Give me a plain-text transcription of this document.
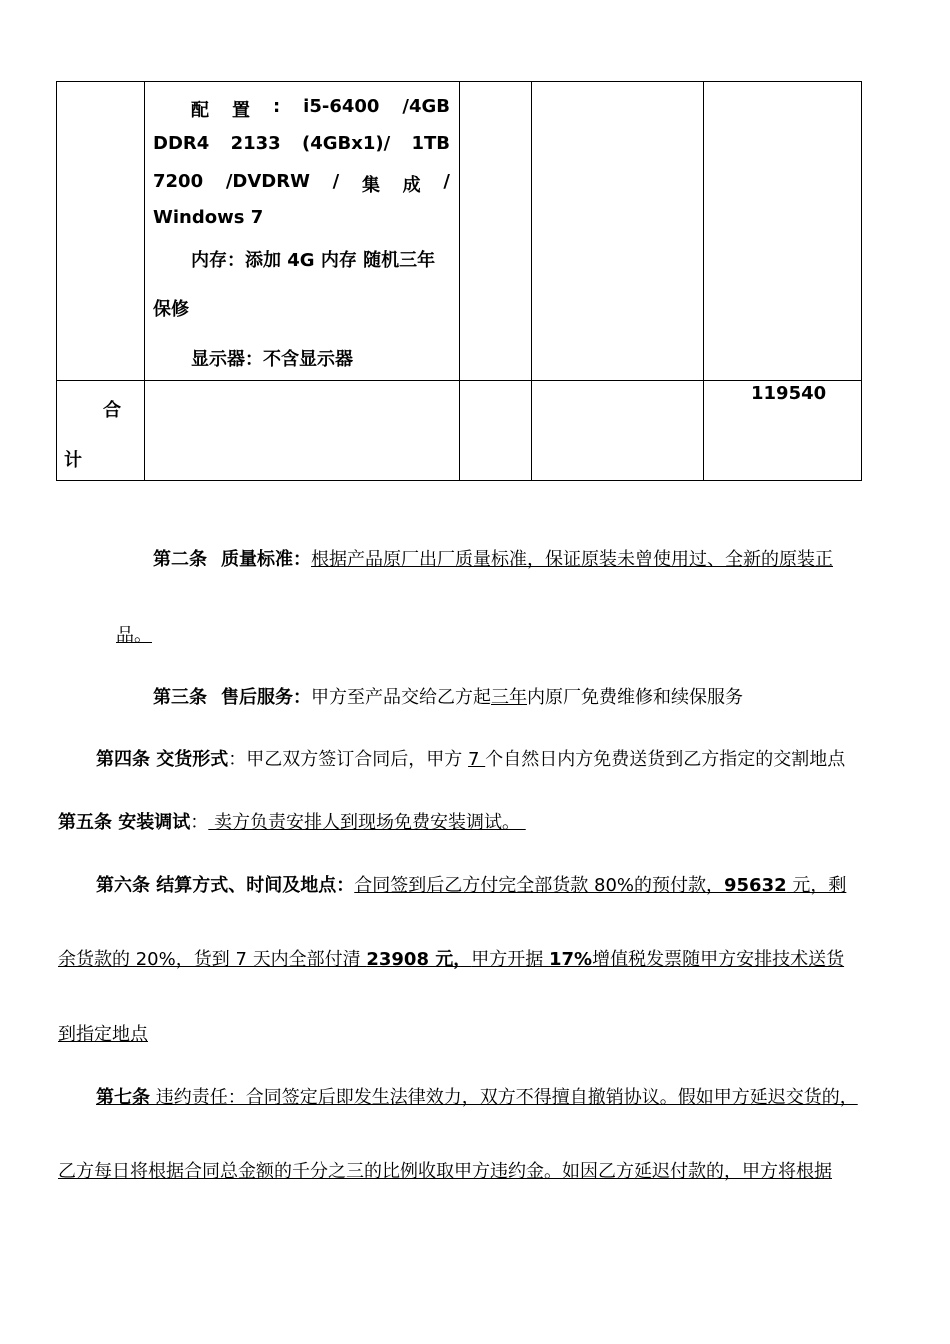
配 置 : i5-6400 /4GB
DDR4 2133 (4GBx1)/ 1TB
7200 /DVDRW / 集 成 /
Windows 7
内存：添加 4G 内存 随机三年
保修
显示器：不含显示器
合
计
119540
第二条 质量标准：根据产品原厂出厂质量标准，保证原装未曾使用过、全新的原装正
品。
第三条 售后服务：甲方至产品交给乙方起三年内原厂免费维修和续保服务
第四条 交货形式：甲乙双方签订合同后，甲方 7 个自然日内方免费送货到乙方指定的交割地点
第五条 安装调试： 卖方负责安排人到现场免费安装调试。
第六条 结算方式、时间及地点：合同签到后乙方付完全部货款 80%的预付款，95632 元，剩
余货款的 20%，货到 7 天内全部付清 23908 元，甲方开据 17%增值税发票随甲方安排技术送货
到指定地点
第七条 违约责任：合同签定后即发生法律效力，双方不得擅自撤销协议。假如甲方延迟交货的，
乙方每日将根据合同总金额的千分之三的比例收取甲方违约金。如因乙方延迟付款的，甲方将根据
